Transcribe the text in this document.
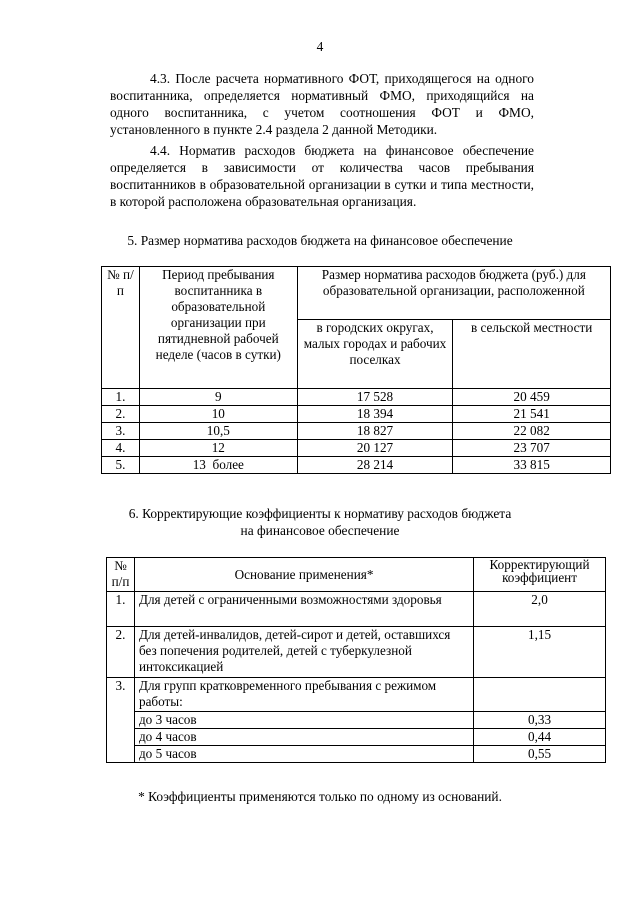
4
4.3. После расчета нормативного ФОТ, приходящегося на одного воспитанника, определяется нормативный ФМО, приходящийся на одного воспитанника, с учетом соотношения ФОТ и ФМО, установленного в пункте 2.4 раздела 2 данной Методики.
4.4. Норматив расходов бюджета на финансовое обеспечение определяется в зависимости от количества часов пребывания воспитанников в образовательной организации в сутки и типа местности, в которой расположена образовательная организация.
5. Размер норматива расходов бюджета на финансовое обеспечение
№ п/п	Период пребывания воспитанника в образовательной организации при пятидневной рабочей неделе (часов в сутки)	Размер норматива расходов бюджета (руб.) для образовательной организации, расположенной	
		в городских округах, малых городах и рабочих поселках	в сельской местности
1.	9	17 528	20 459
2.	10	18 394	21 541
3.	10,5	18 827	22 082
4.	12	20 127	23 707
5.	13  более	28 214	33 815
6. Корректирующие коэффициенты к нормативу расходов бюджета
на финансовое обеспечение
№ п/п	Основание применения*	Корректирующий коэффициент
1.	Для детей с ограниченными возможностями здоровья	2,0
2.	Для детей-инвалидов, детей-сирот и детей, оставшихся без попечения родителей, детей с туберкулезной интоксикацией	1,15
3.	Для групп кратковременного пребывания с режимом работы:	
	до 3 часов	0,33
	до 4 часов	0,44
	до 5 часов	0,55
* Коэффициенты применяются только по одному из оснований.
